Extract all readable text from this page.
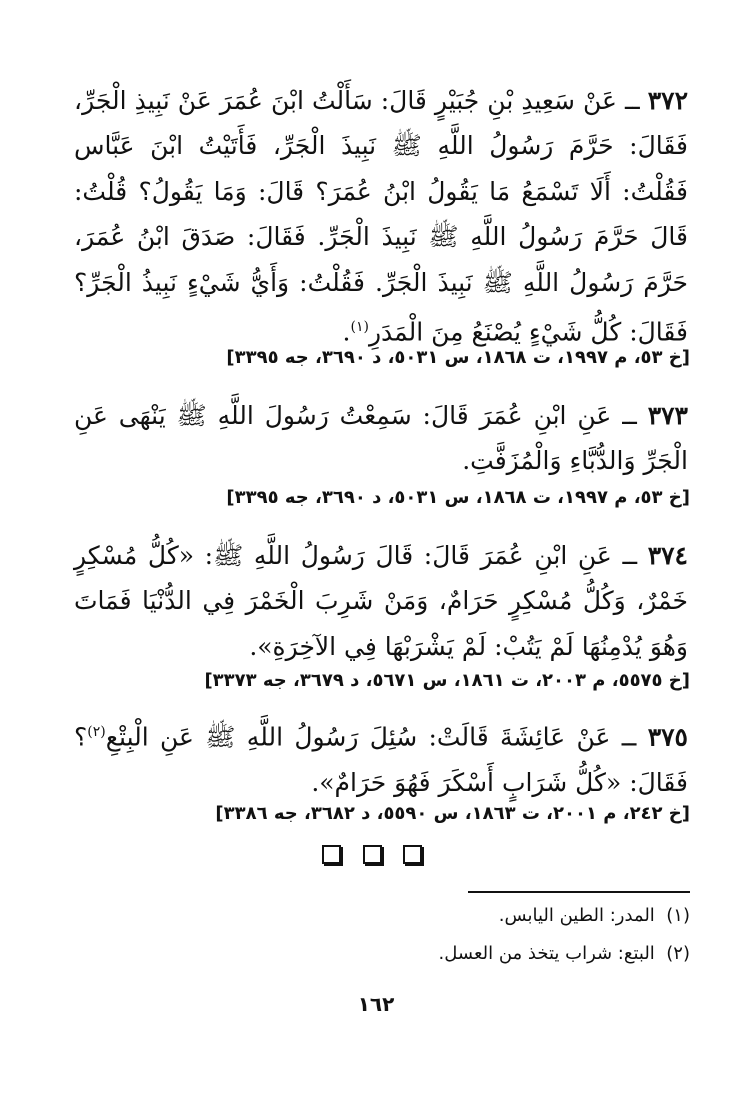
٣٧٢ ــ عَنْ سَعِيدِ بْنِ جُبَيْرٍ قَالَ: سَأَلْتُ ابْنَ عُمَرَ عَنْ نَبِيذِ الْجَرِّ، فَقَالَ: حَرَّمَ رَسُولُ اللَّهِ ﷺ نَبِيذَ الْجَرِّ، فَأَتَيْتُ ابْنَ عَبَّاس فَقُلْتُ: أَلَا تَسْمَعُ مَا يَقُولُ ابْنُ عُمَرَ؟ قَالَ: وَمَا يَقُولُ؟ قُلْتُ: قَالَ حَرَّمَ رَسُولُ اللَّهِ ﷺ نَبِيذَ الْجَرِّ. فَقَالَ: صَدَقَ ابْنُ عُمَرَ، حَرَّمَ رَسُولُ اللَّهِ ﷺ نَبِيذَ الْجَرِّ. فَقُلْتُ: وَأَيُّ شَيْءٍ نَبِيذُ الْجَرِّ؟ فَقَالَ: كُلُّ شَيْءٍ يُصْنَعُ مِنَ الْمَدَرِ$^{(١)}$.

[خ ٥٣، م ١٩٩٧، ت ١٨٦٨، س ٥٠٣١، د ٣٦٩٠، جه ٣٣٩٥]

٣٧٣ ــ عَنِ ابْنِ عُمَرَ قَالَ: سَمِعْتُ رَسُولَ اللَّهِ ﷺ يَنْهَى عَنِ الْجَرِّ وَالدُّبَّاءِ وَالْمُزَفَّتِ.

[خ ٥٣، م ١٩٩٧، ت ١٨٦٨، س ٥٠٣١، د ٣٦٩٠، جه ٣٣٩٥]

٣٧٤ ــ عَنِ ابْنِ عُمَرَ قَالَ: قَالَ رَسُولُ اللَّهِ ﷺ: «كُلُّ مُسْكِرٍ خَمْرٌ، وَكُلُّ مُسْكِرٍ حَرَامٌ، وَمَنْ شَرِبَ الْخَمْرَ فِي الدُّنْيَا فَمَاتَ وَهُوَ يُدْمِنُهَا لَمْ يَتُبْ: لَمْ يَشْرَبْهَا فِي الآخِرَةِ».

[خ ٥٥٧٥، م ٢٠٠٣، ت ١٨٦١، س ٥٦٧١، د ٣٦٧٩، جه ٣٣٧٣]

٣٧٥ ــ عَنْ عَائِشَةَ قَالَتْ: سُئِلَ رَسُولُ اللَّهِ ﷺ عَنِ الْبِتْعِ$^{(٢)}$؟ فَقَالَ: «كُلُّ شَرَابٍ أَسْكَرَ فَهُوَ حَرَامٌ».

[خ ٢٤٢، م ٢٠٠١، ت ١٨٦٣، س ٥٥٩٠، د ٣٦٨٢، جه ٣٣٨٦]
(١)  المدر: الطين اليابس.
(٢)  البتع: شراب يتخذ من العسل.
١٦٢
